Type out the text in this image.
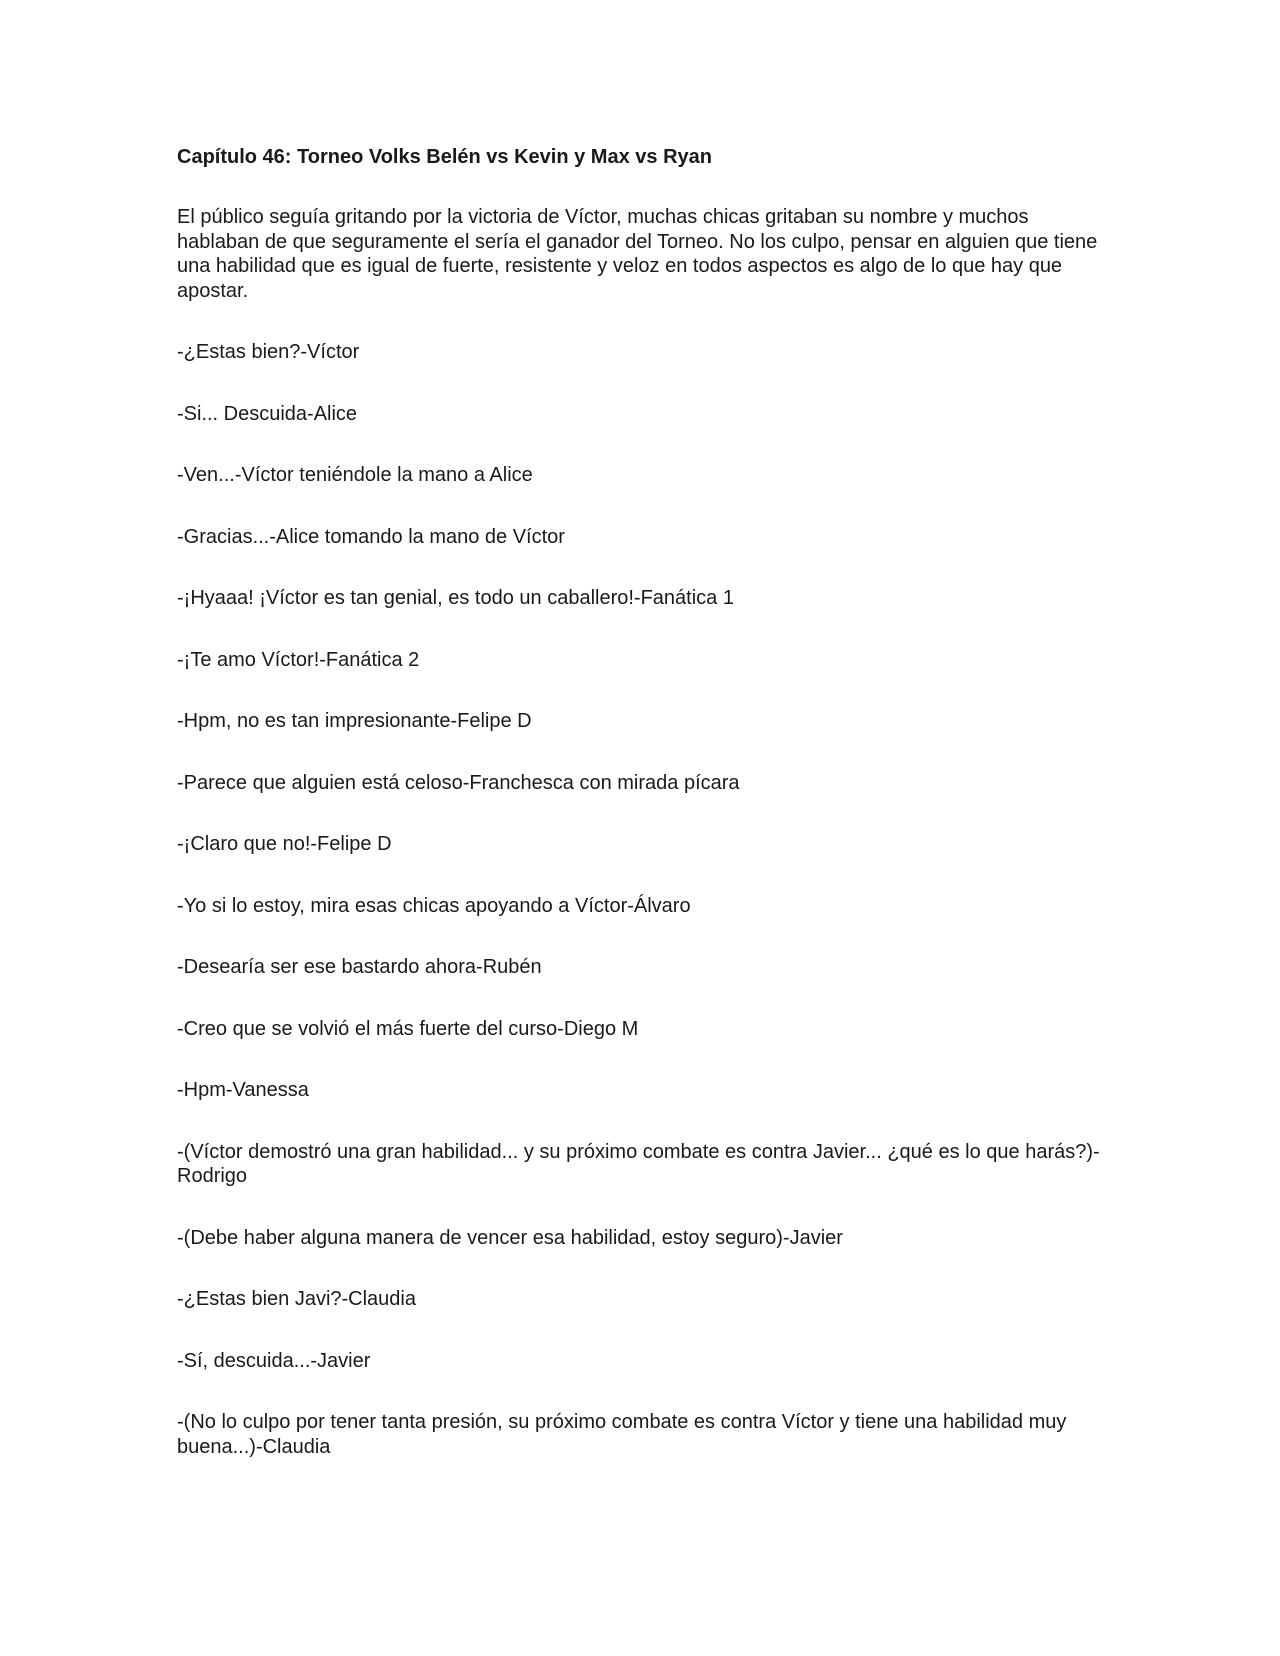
Capítulo 46: Torneo Volks Belén vs Kevin y Max vs Ryan

El público seguía gritando por la victoria de Víctor, muchas chicas gritaban su nombre y muchos hablaban de que seguramente el sería el ganador del Torneo. No los culpo, pensar en alguien que tiene una habilidad que es igual de fuerte, resistente y veloz en todos aspectos es algo de lo que hay que apostar.

-¿Estas bien?-Víctor

-Si... Descuida-Alice

-Ven...-Víctor teniéndole la mano a Alice

-Gracias...-Alice tomando la mano de Víctor

-¡Hyaaa! ¡Víctor es tan genial, es todo un caballero!-Fanática 1

-¡Te amo Víctor!-Fanática 2

-Hpm, no es tan impresionante-Felipe D

-Parece que alguien está celoso-Franchesca con mirada pícara

-¡Claro que no!-Felipe D

-Yo si lo estoy, mira esas chicas apoyando a Víctor-Álvaro

-Desearía ser ese bastardo ahora-Rubén

-Creo que se volvió el más fuerte del curso-Diego M

-Hpm-Vanessa

-(Víctor demostró una gran habilidad... y su próximo combate es contra Javier... ¿qué es lo que harás?)-Rodrigo

-(Debe haber alguna manera de vencer esa habilidad, estoy seguro)-Javier

-¿Estas bien Javi?-Claudia

-Sí, descuida...-Javier

-(No lo culpo por tener tanta presión, su próximo combate es contra Víctor y tiene una habilidad muy buena...)-Claudia
